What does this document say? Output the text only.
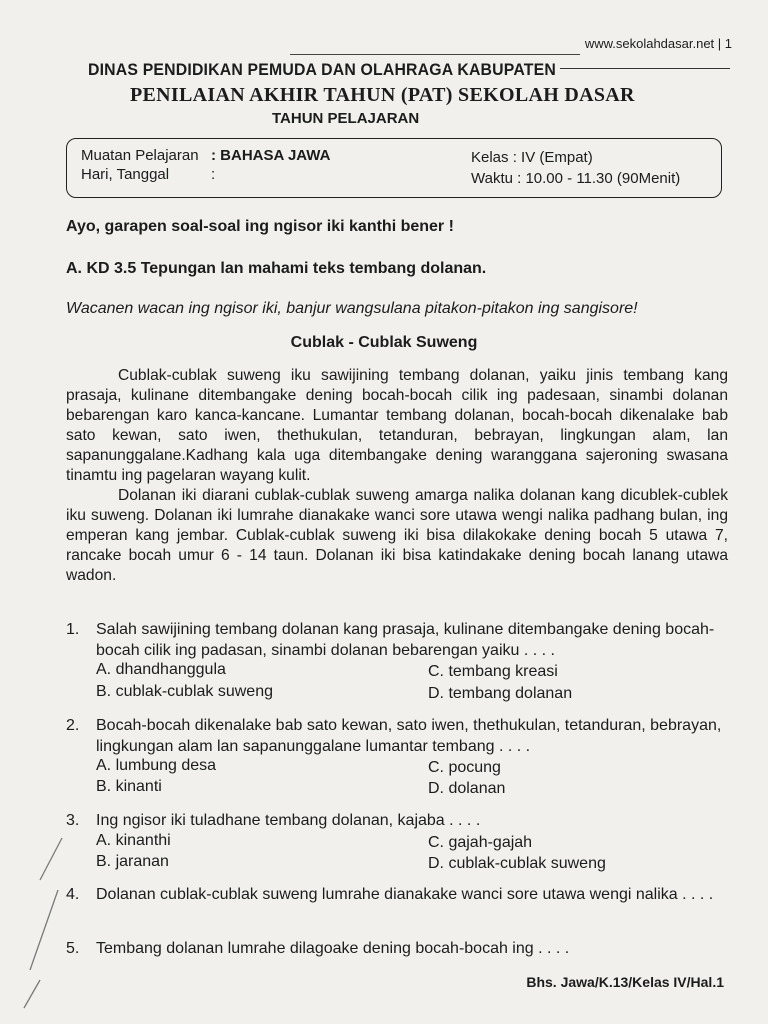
www.sekolahdasar.net | 1
DINAS PENDIDIKAN PEMUDA DAN OLAHRAGA KABUPATEN
PENILAIAN AKHIR TAHUN (PAT) SEKOLAH DASAR
TAHUN PELAJARAN
Muatan Pelajaran : BAHASA JAWA
Hari, Tanggal	:
Kelas : IV (Empat)
Waktu : 10.00 - 11.30 (90Menit)
Ayo, garapen soal-soal ing ngisor iki kanthi bener !
A. KD 3.5 Tepungan lan mahami teks tembang dolanan.
Wacanen wacan ing ngisor iki, banjur wangsulana pitakon-pitakon ing sangisore!
Cublak - Cublak Suweng

Cublak-cublak suweng iku sawijining tembang dolanan, yaiku jinis tembang kang prasaja, kulinane ditembangake dening bocah-bocah cilik ing padesaan, sinambi dolanan bebarengan karo kanca-kancane. Lumantar tembang dolanan, bocah-bocah dikenalake bab sato kewan, sato iwen, thethukulan, tetanduran, bebrayan, lingkungan alam, lan sapanunggalane.Kadhang kala uga ditembangake dening waranggana sajeroning swasana tinamtu ing pagelaran wayang kulit.

Dolanan iki diarani cublak-cublak suweng amarga nalika dolanan kang dicublek-cublek iku suweng. Dolanan iki lumrahe dianakake wanci sore utawa wengi nalika padhang bulan, ing emperan kang jembar. Cublak-cublak suweng iki bisa dilakokake dening bocah 5 utawa 7, rancake bocah umur 6 - 14 taun. Dolanan iki bisa katindakake dening bocah lanang utawa wadon.

1. Salah sawijining tembang dolanan kang prasaja, kulinane ditembangake dening bocah-bocah cilik ing padasan, sinambi dolanan bebarengan yaiku . . . .
A. dhandhanggula
B. cublak-cublak suweng
C. tembang kreasi
D. tembang dolanan
2. Bocah-bocah dikenalake bab sato kewan, sato iwen, thethukulan, tetanduran, bebrayan, lingkungan alam lan sapanunggalane lumantar tembang . . . .
A. lumbung desa
B. kinanti
C. pocung
D. dolanan
3. Ing ngisor iki tuladhane tembang dolanan, kajaba . . . .
A. kinanthi
B. jaranan
C. gajah-gajah
D. cublak-cublak suweng
4. Dolanan cublak-cublak suweng lumrahe dianakake wanci sore utawa wengi nalika . . . .
5. Tembang dolanan lumrahe dilagoake dening bocah-bocah ing . . . .
Bhs. Jawa/K.13/Kelas IV/Hal.1
